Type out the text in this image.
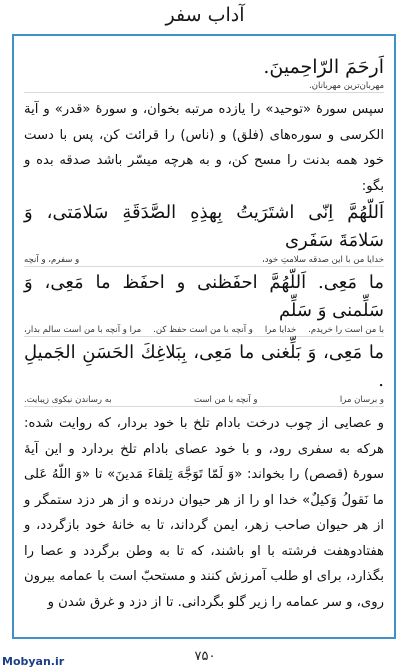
آداب سفر

اَرحَمَ الرّاحِمينَ.

مهربان‌ترین مهربانان.

سپس سورهٔ «توحید» را یازده مرتبه بخوان، و سورهٔ «قدر» و آیة الکرسی و سوره‌های (فلق) و (ناس) را قرائت کن، پس با دست خود همه بدنت را مسح کن، و به هرچه میسّر باشد صدقه بده و بگو:

اَللّهُمَّ اِنّى اشتَرَيتُ بِهذِهِ الصَّدَقَةِ سَلامَتى، وَ سَلامَةَ سَفَرى

خدایا من با این صدقه سلامتِ خود،
و سفرم، و آنچه

ما مَعِى. اَللّهُمَّ احفَظنى و احفَظ ما مَعِى، وَ سَلِّمنى وَ سَلِّم

با من است را خریدم.
خدایا مرا
و آنچه با من است حفظ کن.
مرا و آنچه با من است سالم بدار،

ما مَعِى، وَ بَلِّغنى ما مَعِى، بِبَلاغِكَ الحَسَنِ الجَميلِ .

و برسان مرا
و آنچه با من است
به رساندن نیکوی زیبایت.

و عصایی از چوب درخت بادام تلخ با خود بردار، که روایت شده: هرکه به سفری رود، و با خود عصای بادام تلخ بردارد و این آیهٔ سورهٔ (قصص) را بخواند: «وَ لَمّا تَوَجَّهَ تِلقاءَ مَدينَ» تا «وَ اللّهُ عَلى ما نَقولُ وَكيلٌ» خدا او را از هر حیوان درنده و از هر دزد ستمگر و از هر حیوان صاحب زهر، ایمن گرداند، تا به خانهٔ خود بازگردد، و هفتادوهفت فرشته با او باشند، که تا به وطن برگردد و عصا را بگذارد، برای او طلب آمرزش کنند و مستحبّ است با عمامه بیرون روی، و سر عمامه را زیر گلو بگردانی. تا از دزد و غرق شدن و

۷۵۰
Mobyan.ir
